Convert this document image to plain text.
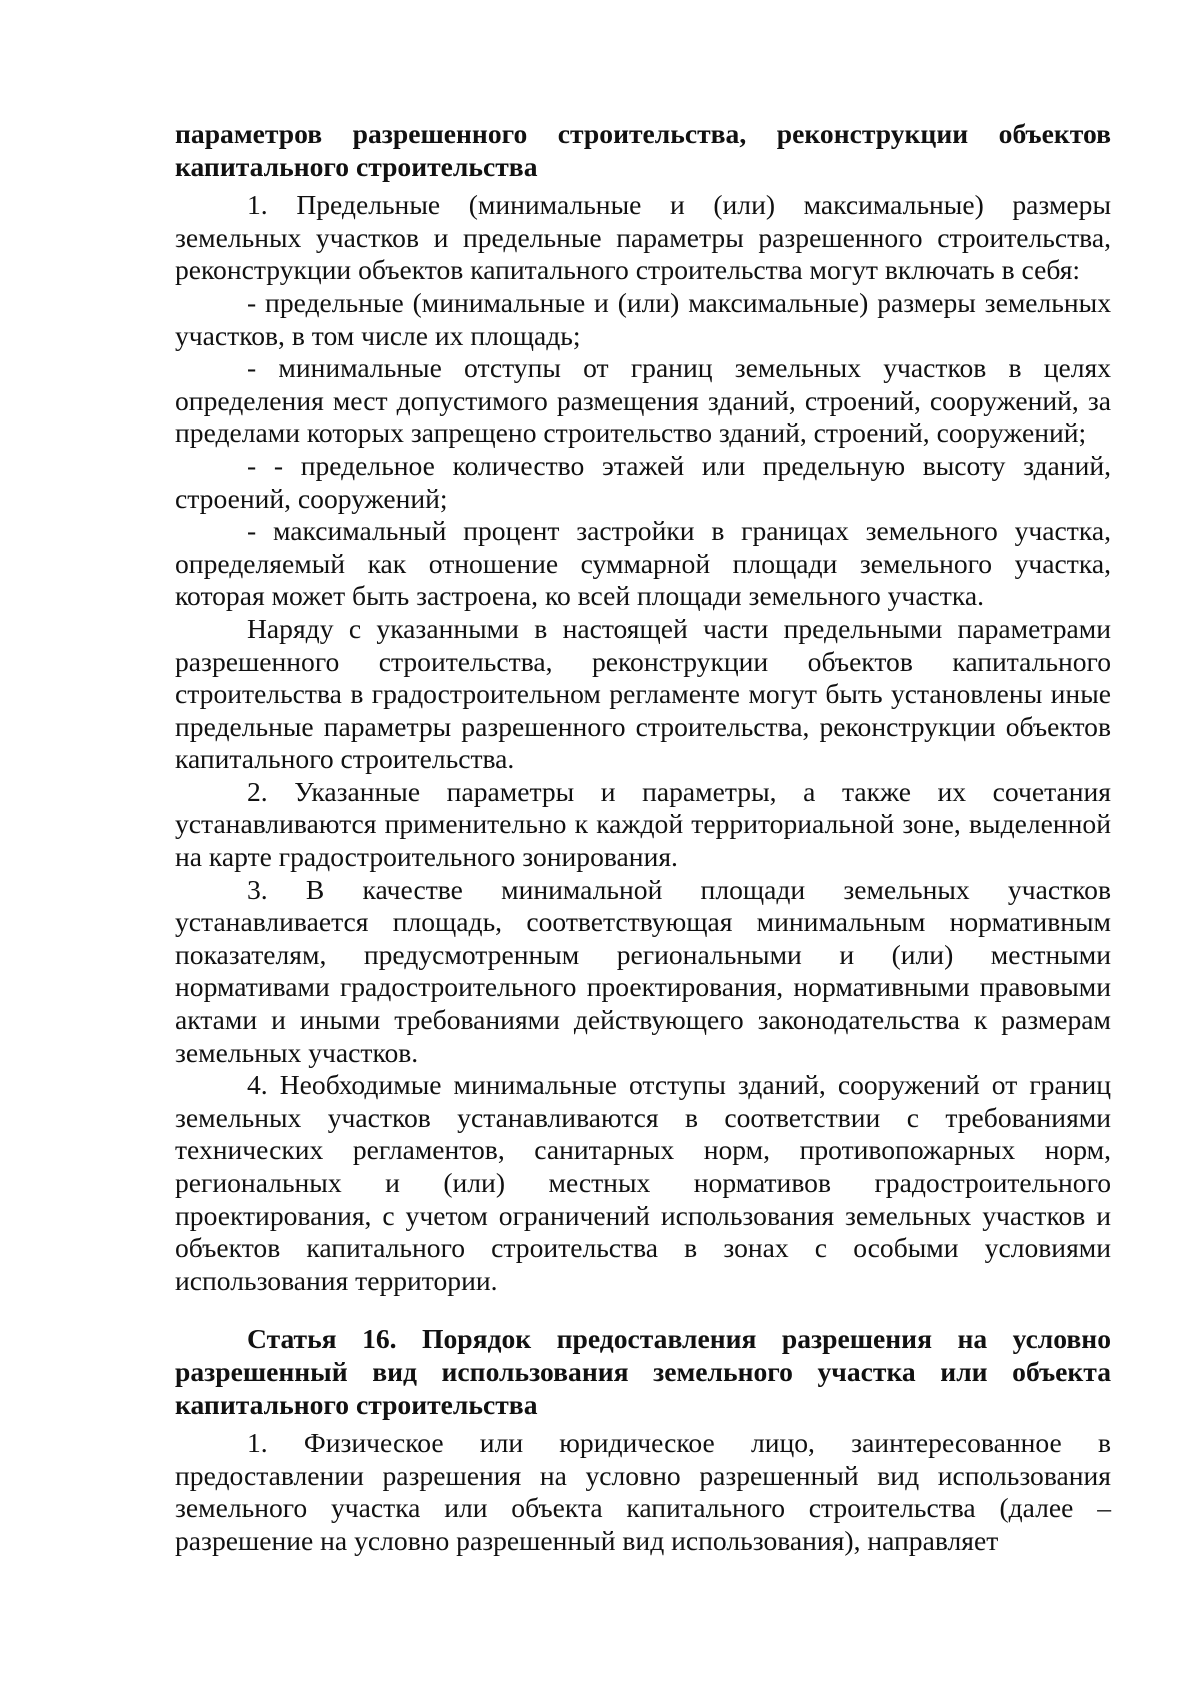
параметров разрешенного строительства, реконструкции объектов капитального строительства

1. Предельные (минимальные и (или) максимальные) размеры земельных участков и предельные параметры разрешенного строительства, реконструкции объектов капитального строительства могут включать в себя:

- предельные (минимальные и (или) максимальные) размеры земельных участков, в том числе их площадь;

- минимальные отступы от границ земельных участков в целях определения мест допустимого размещения зданий, строений, сооружений, за пределами которых запрещено строительство зданий, строений, сооружений;

- - предельное количество этажей или предельную высоту зданий, строений, сооружений;

- максимальный процент застройки в границах земельного участка, определяемый как отношение суммарной площади земельного участка, которая может быть застроена, ко всей площади земельного участка.

Наряду с указанными в настоящей части предельными параметрами разрешенного строительства, реконструкции объектов капитального строительства в градостроительном регламенте могут быть установлены иные предельные параметры разрешенного строительства, реконструкции объектов капитального строительства.

2. Указанные параметры и параметры, а также их сочетания устанавливаются применительно к каждой территориальной зоне, выделенной на карте градостроительного зонирования.

3. В качестве минимальной площади земельных участков устанавливается площадь, соответствующая минимальным нормативным показателям, предусмотренным региональными и (или) местными нормативами градостроительного проектирования, нормативными правовыми актами и иными требованиями действующего законодательства к размерам земельных участков.

4. Необходимые минимальные отступы зданий, сооружений от границ земельных участков устанавливаются в соответствии с требованиями технических регламентов, санитарных норм, противопожарных норм, региональных и (или) местных нормативов градостроительного проектирования, с учетом ограничений использования земельных участков и объектов капитального строительства в зонах с особыми условиями использования территории.

Статья 16. Порядок предоставления разрешения на условно разрешенный вид использования земельного участка или объекта капитального строительства

1. Физическое или юридическое лицо, заинтересованное в предоставлении разрешения на условно разрешенный вид использования земельного участка или объекта капитального строительства (далее – разрешение на условно разрешенный вид использования), направляет
